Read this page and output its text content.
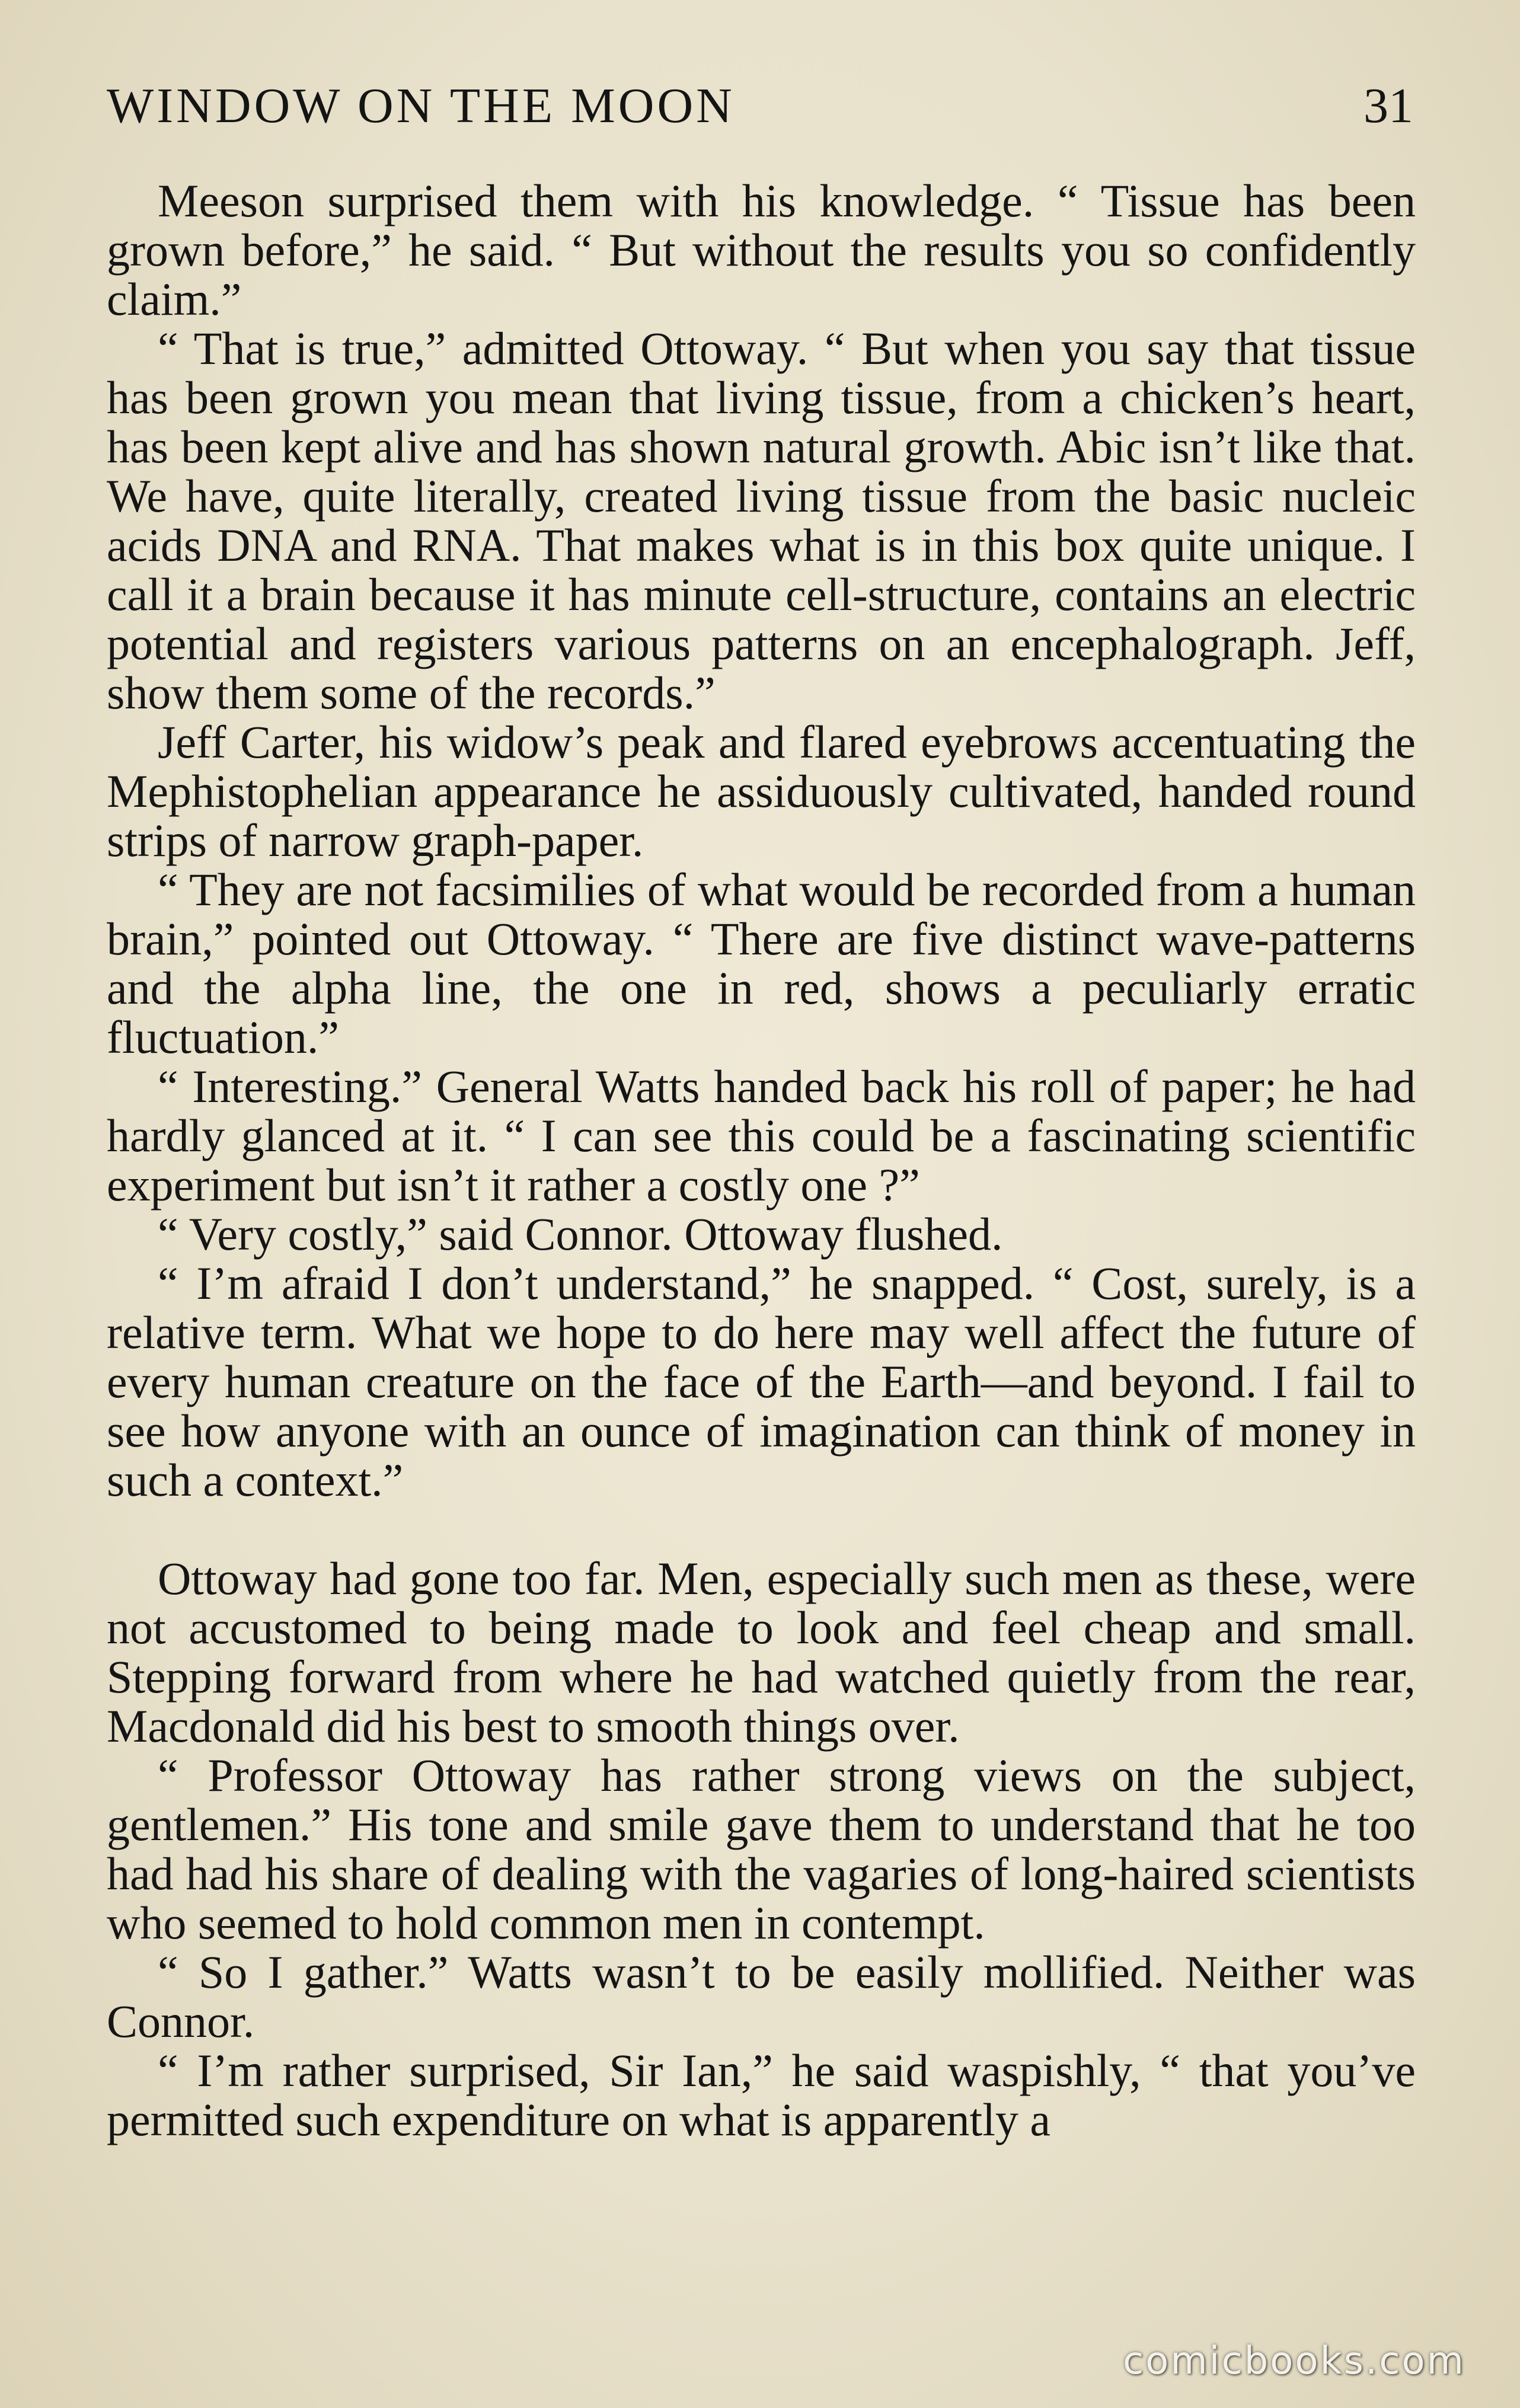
WINDOW ON THE MOON	31

Meeson surprised them with his knowledge. “ Tissue has been grown before,” he said. “ But without the results you so confidently claim.”

“ That is true,” admitted Ottoway. “ But when you say that tissue has been grown you mean that living tissue, from a chicken’s heart, has been kept alive and has shown natural growth. Abic isn’t like that. We have, quite literally, created living tissue from the basic nucleic acids DNA and RNA. That makes what is in this box quite unique. I call it a brain because it has minute cell-structure, contains an electric potential and registers various patterns on an encephalograph. Jeff, show them some of the records.”

Jeff Carter, his widow’s peak and flared eyebrows accentuating the Mephistophelian appearance he assiduously cultivated, handed round strips of narrow graph-paper.

“ They are not facsimilies of what would be recorded from a human brain,” pointed out Ottoway. “ There are five distinct wave-patterns and the alpha line, the one in red, shows a peculiarly erratic fluctuation.”

“ Interesting.” General Watts handed back his roll of paper; he had hardly glanced at it. “ I can see this could be a fascinating scientific experiment but isn’t it rather a costly one ?”

“ Very costly,” said Connor. Ottoway flushed.

“ I’m afraid I don’t understand,” he snapped. “ Cost, surely, is a relative term. What we hope to do here may well affect the future of every human creature on the face of the Earth—and beyond. I fail to see how anyone with an ounce of imagination can think of money in such a context.”

Ottoway had gone too far. Men, especially such men as these, were not accustomed to being made to look and feel cheap and small. Stepping forward from where he had watched quietly from the rear, Macdonald did his best to smooth things over.

“ Professor Ottoway has rather strong views on the subject, gentlemen.” His tone and smile gave them to understand that he too had had his share of dealing with the vagaries of long-haired scientists who seemed to hold common men in contempt.

“ So I gather.” Watts wasn’t to be easily mollified. Neither was Connor.

“ I’m rather surprised, Sir Ian,” he said waspishly, “ that you’ve permitted such expenditure on what is apparently a

comicbooks.com
